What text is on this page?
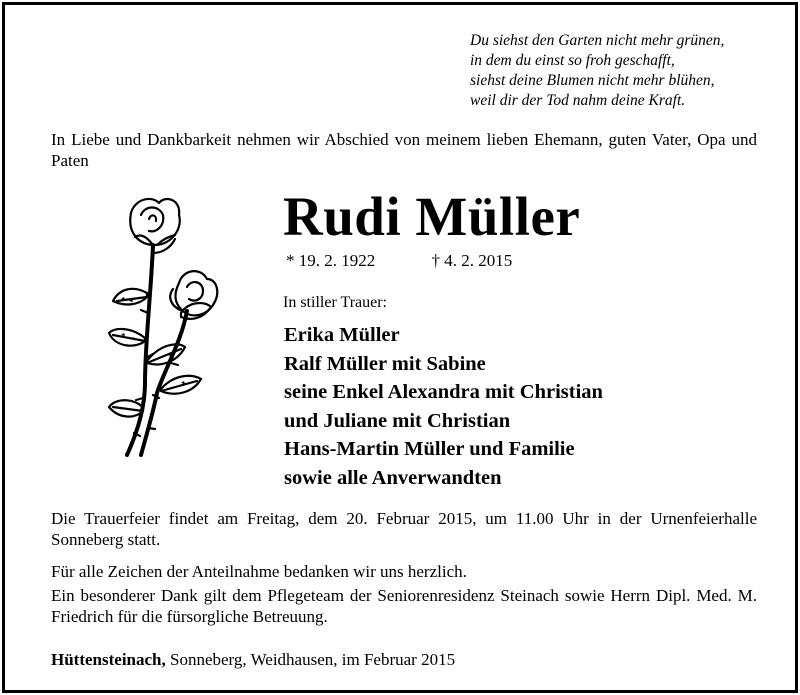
Du siehst den Garten nicht mehr grünen,
in dem du einst so froh geschafft,
siehst deine Blumen nicht mehr blühen,
weil dir der Tod nahm deine Kraft.
In Liebe und Dankbarkeit nehmen wir Abschied von meinem lieben Ehemann, guten Vater, Opa und Paten
Rudi Müller
* 19. 2. 1922	† 4. 2. 2015
In stiller Trauer:
Erika Müller
Ralf Müller mit Sabine
seine Enkel Alexandra mit Christian
und Juliane mit Christian
Hans-Martin Müller und Familie
sowie alle Anverwandten
Die Trauerfeier findet am Freitag, dem 20. Februar 2015, um 11.00 Uhr in der Urnenfeierhalle Sonneberg statt.
Für alle Zeichen der Anteilnahme bedanken wir uns herzlich.
Ein besonderer Dank gilt dem Pflegeteam der Seniorenresidenz Steinach sowie Herrn Dipl. Med. M. Friedrich für die fürsorgliche Betreuung.
Hüttensteinach, Sonneberg, Weidhausen, im Februar 2015
